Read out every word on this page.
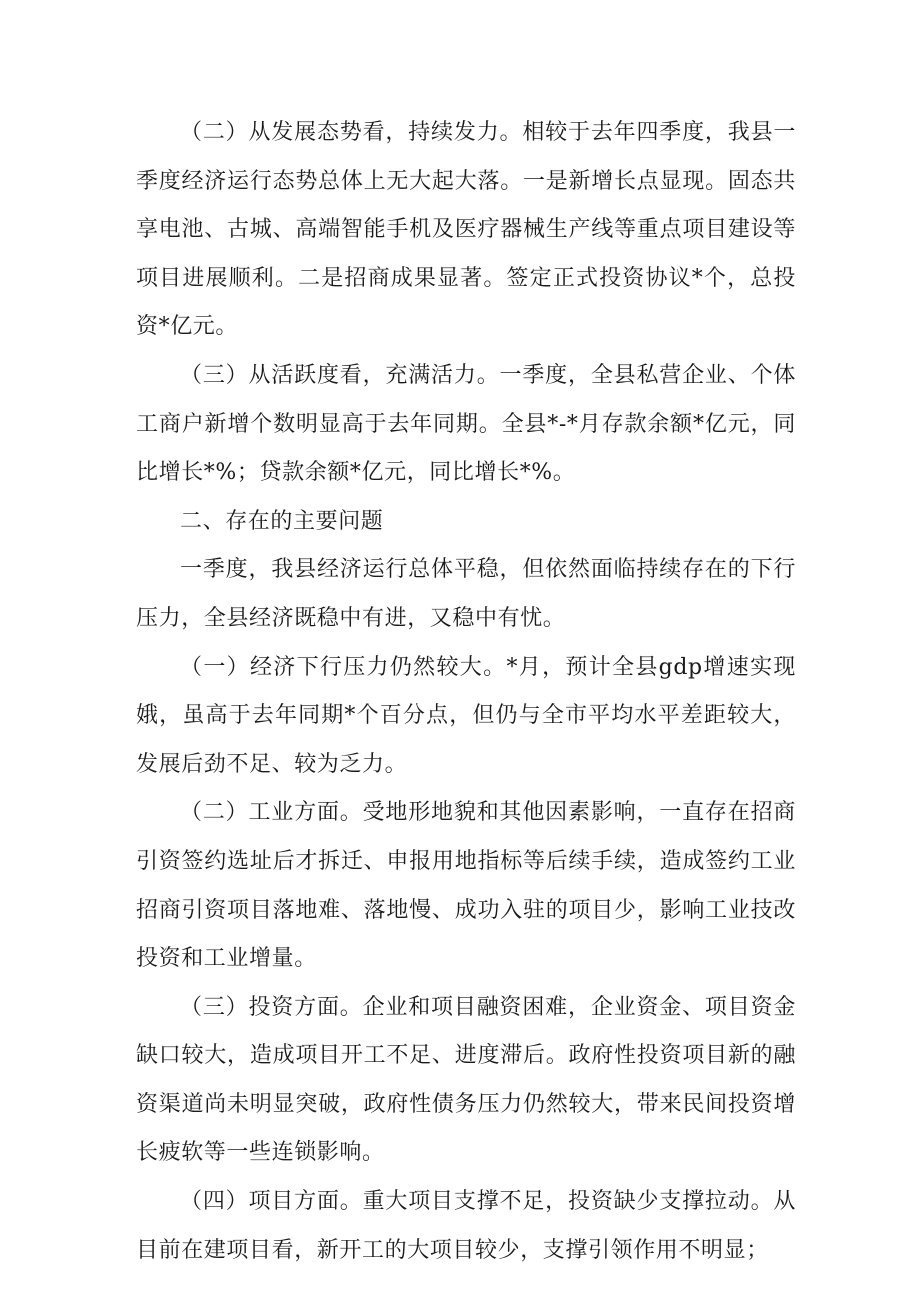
（二）从发展态势看，持续发力。相较于去年四季度，我县一季度经济运行态势总体上无大起大落。一是新增长点显现。固态共享电池、古城、高端智能手机及医疗器械生产线等重点项目建设等项目进展顺利。二是招商成果显著。签定正式投资协议*个，总投资*亿元。

（三）从活跃度看，充满活力。一季度，全县私营企业、个体工商户新增个数明显高于去年同期。全县*-*月存款余额*亿元，同比增长*%；贷款余额*亿元，同比增长*%。

二、存在的主要问题

一季度，我县经济运行总体平稳，但依然面临持续存在的下行压力，全县经济既稳中有进，又稳中有忧。

（一）经济下行压力仍然较大。*月，预计全县gdp增速实现娥，虽高于去年同期*个百分点，但仍与全市平均水平差距较大，发展后劲不足、较为乏力。

（二）工业方面。受地形地貌和其他因素影响，一直存在招商引资签约选址后才拆迁、申报用地指标等后续手续，造成签约工业招商引资项目落地难、落地慢、成功入驻的项目少，影响工业技改投资和工业增量。

（三）投资方面。企业和项目融资困难，企业资金、项目资金缺口较大，造成项目开工不足、进度滞后。政府性投资项目新的融资渠道尚未明显突破，政府性债务压力仍然较大，带来民间投资增长疲软等一些连锁影响。

（四）项目方面。重大项目支撑不足，投资缺少支撑拉动。从目前在建项目看，新开工的大项目较少，支撑引领作用不明显；
